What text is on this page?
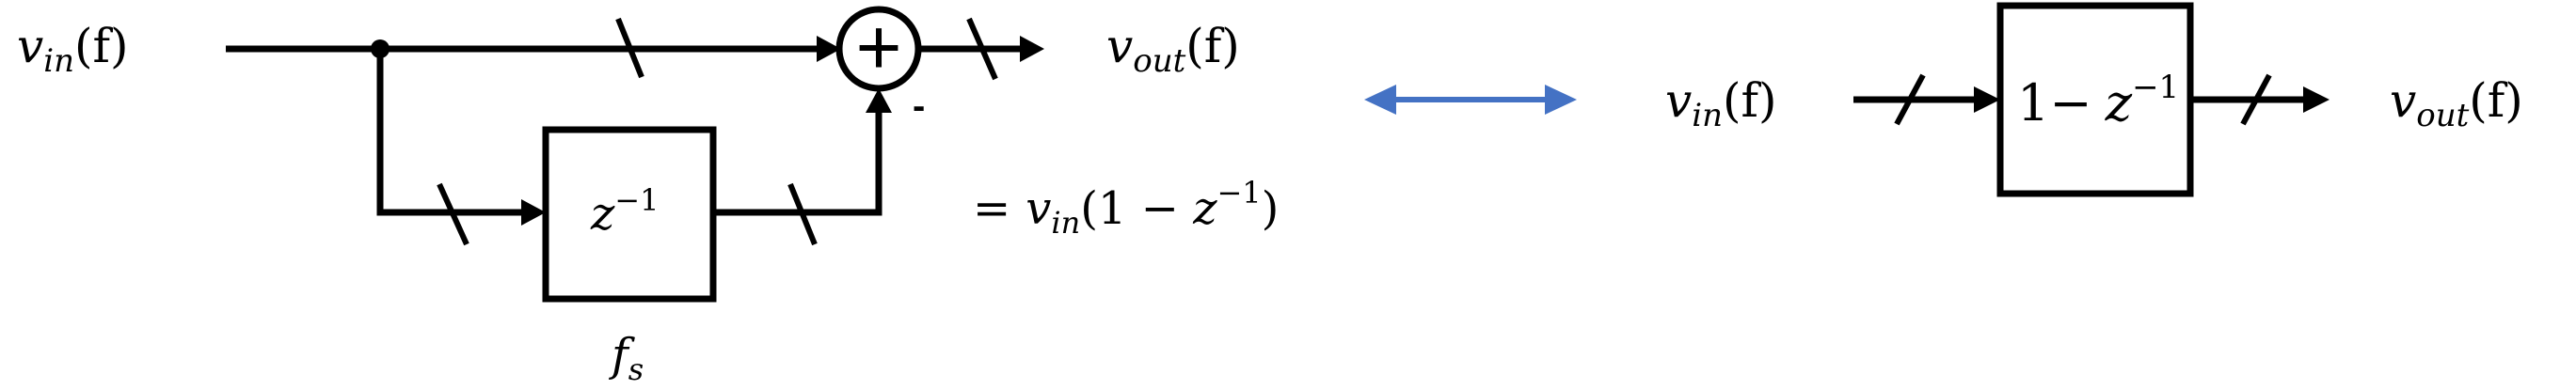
$v_{in}(f)$
$z^{-1}$
$f_s$
+
-
$v_{out}(f)$
= $v_{in}(1 - z^{-1})$
$v_{in}(f)$	$1- z^{-1}$	$v_{out}(f)$
